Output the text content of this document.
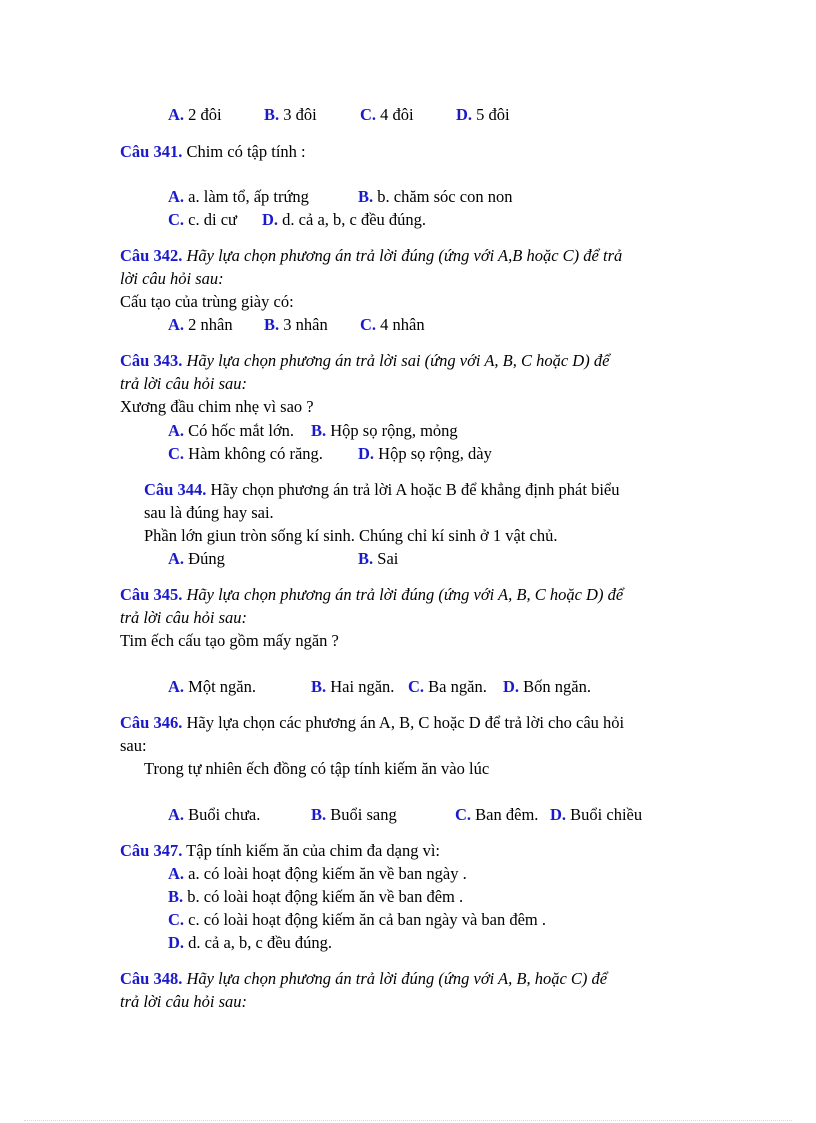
A. 2 đôi	B. 3 đôi	C. 4 đôi	D. 5 đôi
Câu 341. Chim có tập tính :
A. a. làm tổ, ấp trứng	B. b. chăm sóc con non
C. c. di cư D. d. cả a, b, c đều đúng.
Câu 342. Hãy lựa chọn phương án trả lời đúng (ứng với A,B hoặc C) để trả
lời câu hỏi sau:
Cấu tạo của trùng giày có:
A. 2 nhân B. 3 nhân C. 4 nhân
Câu 343. Hãy lựa chọn phương án trả lời sai (ứng với A, B, C hoặc D) để
trả lời câu hỏi sau:
Xương đầu chim nhẹ vì sao ?
A. Có hốc mắt lớn. B. Hộp sọ rộng, mỏng
C. Hàm không có răng. D. Hộp sọ rộng, dày
Câu 344. Hãy chọn phương án trả lời A hoặc B để khẳng định phát biểu
sau là đúng hay sai.
Phần lớn giun tròn sống kí sinh. Chúng chỉ kí sinh ở 1 vật chủ.
A. Đúng	B. Sai
Câu 345. Hãy lựa chọn phương án trả lời đúng (ứng với A, B, C hoặc D) để
trả lời câu hỏi sau:
Tim ếch cấu tạo gồm mấy ngăn ?
A. Một ngăn.	B. Hai ngăn. C. Ba ngăn. D. Bốn ngăn.
Câu 346. Hãy lựa chọn các phương án A, B, C hoặc D để trả lời cho câu hỏi
sau:
Trong tự nhiên ếch đồng có tập tính kiếm ăn vào lúc
A. Buổi chưa.	B. Buổi sang	C. Ban đêm. D. Buổi chiều
Câu 347. Tập tính kiếm ăn của chim đa dạng vì:
A. a. có loài hoạt động kiếm ăn về ban ngày .
B. b. có loài hoạt động kiếm ăn về ban đêm .
C. c. có loài hoạt động kiếm ăn cả ban ngày và ban đêm .
D. d. cả a, b, c đều đúng.
Câu 348. Hãy lựa chọn phương án trả lời đúng (ứng với A, B, hoặc C) để
trả lời câu hỏi sau:
